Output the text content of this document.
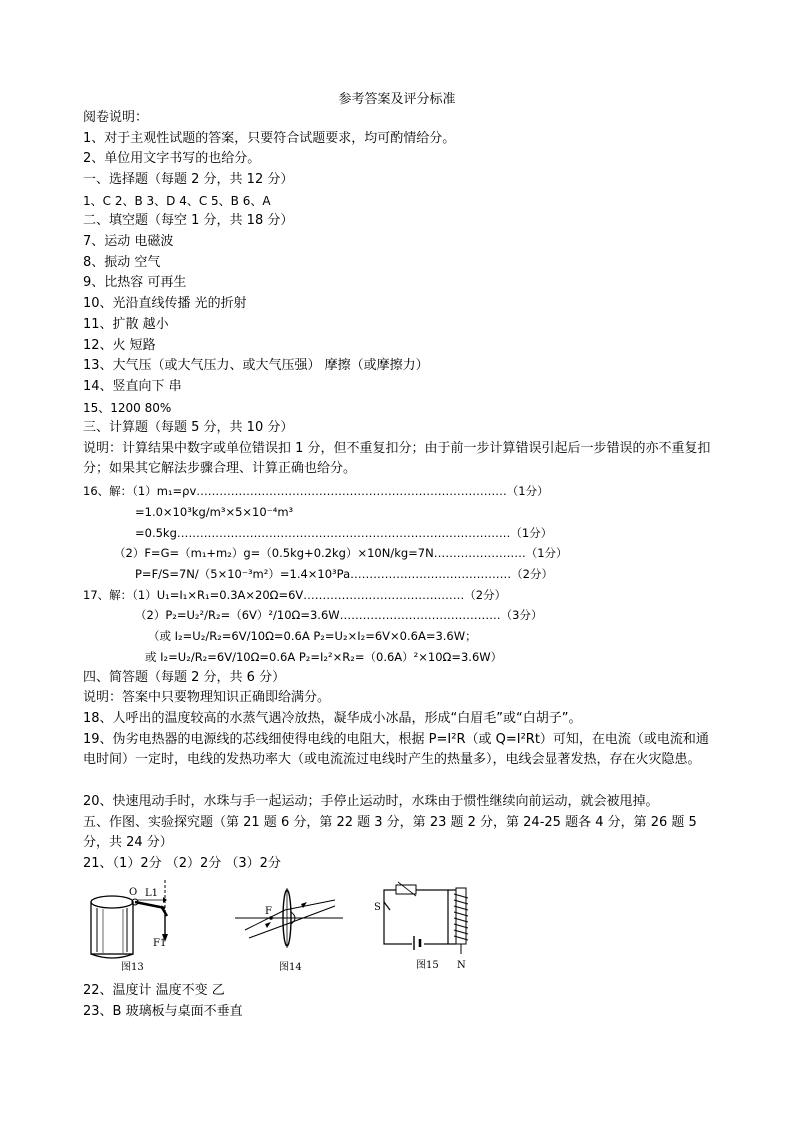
参考答案及评分标准
阅卷说明：
1、对于主观性试题的答案，只要符合试题要求，均可酌情给分。
2、单位用文字书写的也给分。
一、选择题（每题 2 分，共 12 分）
1、C 2、B 3、D 4、C 5、B 6、A
二、填空题（每空 1 分，共 18 分）
7、运动 电磁波
8、振动 空气
9、比热容 可再生
10、光沿直线传播 光的折射
11、扩散 越小
12、火 短路
13、大气压（或大气压力、或大气压强） 摩擦（或摩擦力）
14、竖直向下 串
15、1200 80%
三、计算题（每题 5 分，共 10 分）
说明：计算结果中数字或单位错误扣 1 分，但不重复扣分；由于前一步计算错误引起后一步错误的亦不重复扣分；如果其它解法步骤合理、计算正确也给分。
16、解：（1）m₁=ρv………………………………………………………………………（1分）
=1.0×10³kg/m³×5×10⁻⁴m³
=0.5kg……………………………………………………………………………（1分）
（2）F=G=（m₁+m₂）g=（0.5kg+0.2kg）×10N/kg=7N……………………（1分）
P=F/S=7N/（5×10⁻³m²）=1.4×10³Pa……………………………………（2分）
17、解：（1）U₁=I₁×R₁=0.3A×20Ω=6V……………………………………（2分）
（2）P₂=U₂²/R₂=（6V）²/10Ω=3.6W……………………………………（3分）
（或 I₂=U₂/R₂=6V/10Ω=0.6A P₂=U₂×I₂=6V×0.6A=3.6W；
或 I₂=U₂/R₂=6V/10Ω=0.6A P₂=I₂²×R₂=（0.6A）²×10Ω=3.6W）
四、简答题（每题 2 分，共 6 分）
说明：答案中只要物理知识正确即给满分。
18、人呼出的温度较高的水蒸气遇冷放热，凝华成小冰晶，形成“白眉毛”或“白胡子”。
19、伪劣电热器的电源线的芯线细使得电线的电阻大，根据 P=I²R（或 Q=I²Rt）可知，在电流（或电流和通电时间）一定时，电线的发热功率大（或电流流过电线时产生的热量多），电线会显著发热，存在火灾隐患。
20、快速甩动手时，水珠与手一起运动；手停止运动时，水珠由于惯性继续向前运动，就会被甩掉。
五、作图、实验探究题（第 21 题 6 分，第 22 题 3 分，第 23 题 2 分，第 24-25 题各 4 分，第 26 题 5 分，共 24 分）
21、（1）2分 （2）2分 （3）2分
O L1
F1
图13
F
图14
S
N
图15
22、温度计 温度不变 乙
23、B 玻璃板与桌面不垂直
